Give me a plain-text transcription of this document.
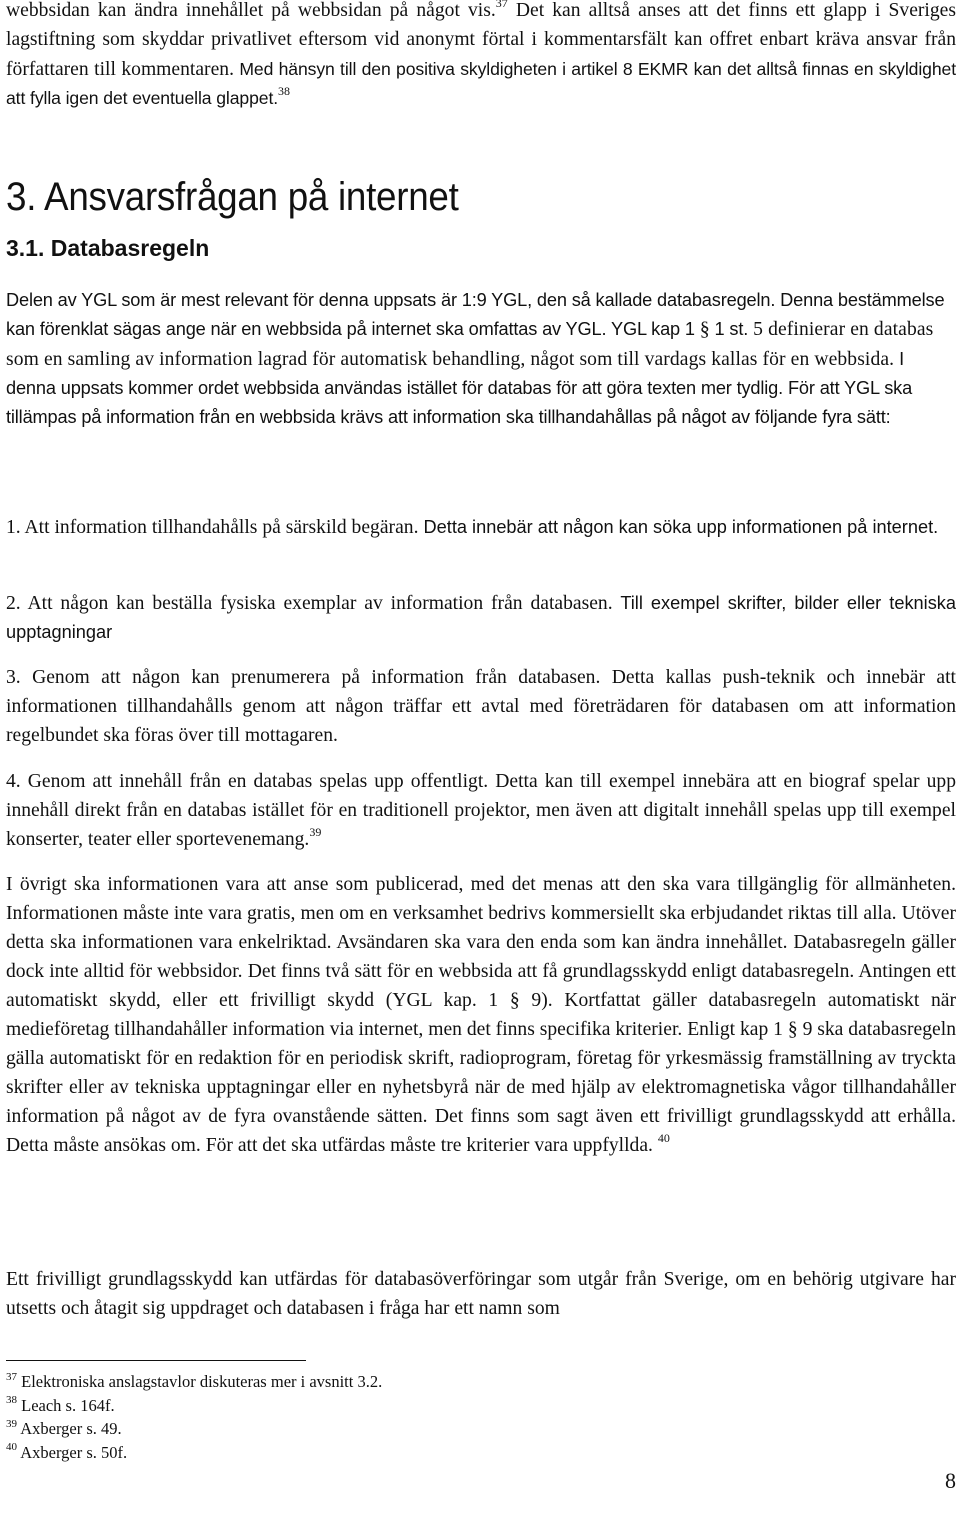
webbsidan kan ändra innehållet på webbsidan på något vis.$^{37}$ Det kan alltså anses att det finns ett glapp i Sveriges lagstiftning som skyddar privatlivet eftersom vid anonymt förtal i kommentarsfält kan offret enbart kräva ansvar från författaren till kommentaren. Med hänsyn till den positiva skyldigheten i artikel 8 EKMR kan det alltså finnas en skyldighet att fylla igen det eventuella glappet.$^{38}$

3. Ansvarsfrågan på internet
3.1. Databasregeln

Delen av YGL som är mest relevant för denna uppsats är 1:9 YGL, den så kallade databasregeln. Denna bestämmelse kan förenklat sägas ange när en webbsida på internet ska omfattas av YGL. YGL kap 1 § 1 st. 5 definierar en databas som en samling av information lagrad för automatisk behandling, något som till vardags kallas för en webbsida. I denna uppsats kommer ordet webbsida användas istället för databas för att göra texten mer tydlig. För att YGL ska tillämpas på information från en webbsida krävs att information ska tillhandahållas på något av följande fyra sätt:

1. Att information tillhandahålls på särskild begäran. Detta innebär att någon kan söka upp informationen på internet.

2. Att någon kan beställa fysiska exemplar av information från databasen. Till exempel skrifter, bilder eller tekniska upptagningar

3. Genom att någon kan prenumerera på information från databasen. Detta kallas push-teknik och innebär att informationen tillhandahålls genom att någon träffar ett avtal med företrädaren för databasen om att information regelbundet ska föras över till mottagaren.

4. Genom att innehåll från en databas spelas upp offentligt. Detta kan till exempel innebära att en biograf spelar upp innehåll direkt från en databas istället för en traditionell projektor, men även att digitalt innehåll spelas upp till exempel konserter, teater eller sportevenemang.$^{39}$

I övrigt ska informationen vara att anse som publicerad, med det menas att den ska vara tillgänglig för allmänheten. Informationen måste inte vara gratis, men om en verksamhet bedrivs kommersiellt ska erbjudandet riktas till alla. Utöver detta ska informationen vara enkelriktad. Avsändaren ska vara den enda som kan ändra innehållet. Databasregeln gäller dock inte alltid för webbsidor. Det finns två sätt för en webbsida att få grundlagsskydd enligt databasregeln. Antingen ett automatiskt skydd, eller ett frivilligt skydd (YGL kap. 1 § 9). Kortfattat gäller databasregeln automatiskt när medieföretag tillhandahåller information via internet, men det finns specifika kriterier. Enligt kap 1 § 9 ska databasregeln gälla automatiskt för en redaktion för en periodisk skrift, radioprogram, företag för yrkesmässig framställning av tryckta skrifter eller av tekniska upptagningar eller en nyhetsbyrå när de med hjälp av elektromagnetiska vågor tillhandahåller information på något av de fyra ovanstående sätten. Det finns som sagt även ett frivilligt grundlagsskydd att erhålla. Detta måste ansökas om. För att det ska utfärdas måste tre kriterier vara uppfyllda. $^{40}$

Ett frivilligt grundlagsskydd kan utfärdas för databasöverföringar som utgår från Sverige, om en behörig utgivare har utsetts och åtagit sig uppdraget och databasen i fråga har ett namn som

$^{37}$ Elektroniska anslagstavlor diskuteras mer i avsnitt 3.2.
$^{38}$ Leach s. 164f.
$^{39}$ Axberger s. 49.
$^{40}$ Axberger s. 50f.
8
